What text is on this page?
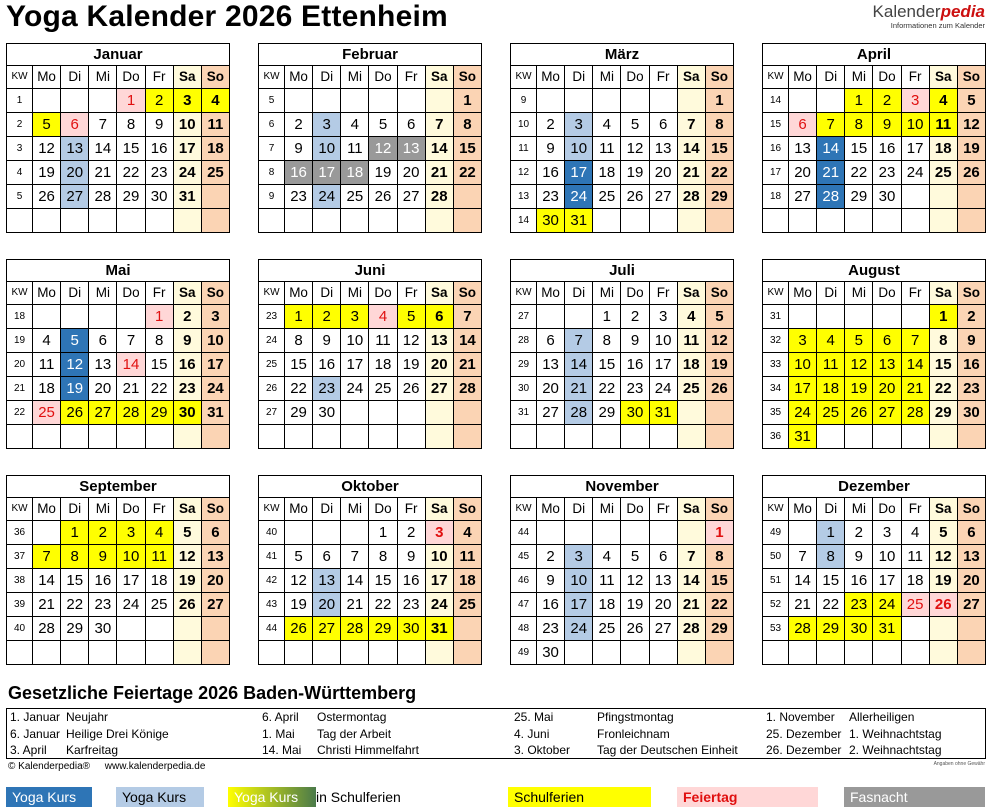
Yoga Kalender 2026 Ettenheim	Kalenderpedia
Informationen zum Kalender
Januar
KW	Mo	Di	Mi	Do	Fr	Sa	So
1				1	2	3	4
2	5	6	7	8	9	10	11
3	12	13	14	15	16	17	18
4	19	20	21	22	23	24	25
5	26	27	28	29	30	31	

Februar
KW	Mo	Di	Mi	Do	Fr	Sa	So
5							1
6	2	3	4	5	6	7	8
7	9	10	11	12	13	14	15
8	16	17	18	19	20	21	22
9	23	24	25	26	27	28	

März
KW	Mo	Di	Mi	Do	Fr	Sa	So
9							1
10	2	3	4	5	6	7	8
11	9	10	11	12	13	14	15
12	16	17	18	19	20	21	22
13	23	24	25	26	27	28	29
14	30	31					
April
KW	Mo	Di	Mi	Do	Fr	Sa	So
14			1	2	3	4	5
15	6	7	8	9	10	11	12
16	13	14	15	16	17	18	19
17	20	21	22	23	24	25	26
18	27	28	29	30			

Mai
KW	Mo	Di	Mi	Do	Fr	Sa	So
18					1	2	3
19	4	5	6	7	8	9	10
20	11	12	13	14	15	16	17
21	18	19	20	21	22	23	24
22	25	26	27	28	29	30	31

Juni
KW	Mo	Di	Mi	Do	Fr	Sa	So
23	1	2	3	4	5	6	7
24	8	9	10	11	12	13	14
25	15	16	17	18	19	20	21
26	22	23	24	25	26	27	28
27	29	30					

Juli
KW	Mo	Di	Mi	Do	Fr	Sa	So
27			1	2	3	4	5
28	6	7	8	9	10	11	12
29	13	14	15	16	17	18	19
30	20	21	22	23	24	25	26
31	27	28	29	30	31		

August
KW	Mo	Di	Mi	Do	Fr	Sa	So
31						1	2
32	3	4	5	6	7	8	9
33	10	11	12	13	14	15	16
34	17	18	19	20	21	22	23
35	24	25	26	27	28	29	30
36	31						
September
KW	Mo	Di	Mi	Do	Fr	Sa	So
36		1	2	3	4	5	6
37	7	8	9	10	11	12	13
38	14	15	16	17	18	19	20
39	21	22	23	24	25	26	27
40	28	29	30				

Oktober
KW	Mo	Di	Mi	Do	Fr	Sa	So
40				1	2	3	4
41	5	6	7	8	9	10	11
42	12	13	14	15	16	17	18
43	19	20	21	22	23	24	25
44	26	27	28	29	30	31	

November
KW	Mo	Di	Mi	Do	Fr	Sa	So
44							1
45	2	3	4	5	6	7	8
46	9	10	11	12	13	14	15
47	16	17	18	19	20	21	22
48	23	24	25	26	27	28	29
49	30						
Dezember
KW	Mo	Di	Mi	Do	Fr	Sa	So
49		1	2	3	4	5	6
50	7	8	9	10	11	12	13
51	14	15	16	17	18	19	20
52	21	22	23	24	25	26	27
53	28	29	30	31			

Gesetzliche Feiertage 2026 Baden-Württemberg
1. Januar Neujahr
6. Januar Heilige Drei Könige
3. April Karfreitag
6. April Ostermontag
1. Mai Tag der Arbeit
14. Mai Christi Himmelfahrt
25. Mai	Pfingstmontag
4. Juni	Fronleichnam
3. Oktober Tag der Deutschen Einheit
1. November Allerheiligen
25. Dezember 1. Weihnachtstag
26. Dezember 2. Weihnachtstag
© Kalenderpedia® www.kalenderpedia.de	Angaben ohne Gewähr
Yoga Kurs	Yoga Kurs	Yoga Kurs	in Schulferien	Schulferien	Feiertag	Fasnacht
